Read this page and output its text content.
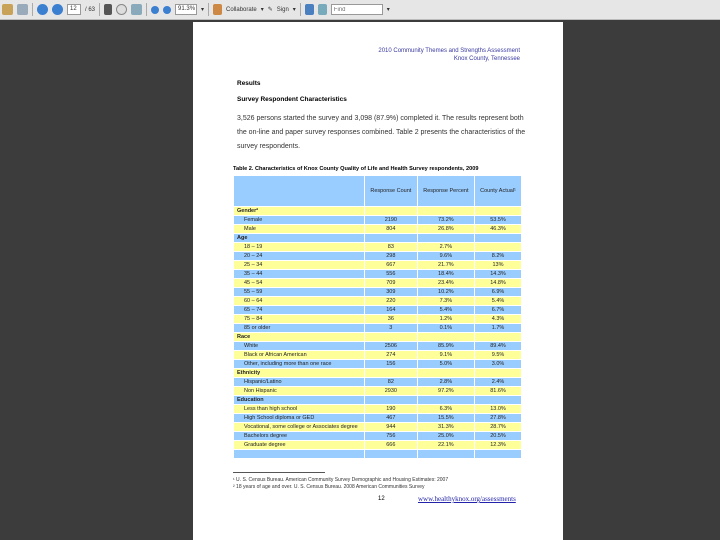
12	/ 63	91.3% ▾	Collaborate ▾ ✎ Sign ▾
Find	▾
2010 Community Themes and Strengths Assessment
Knox County, Tennessee
Results
Survey Respondent Characteristics
3,526 persons started the survey and 3,098 (87.9%) completed it. The results represent both the on-line and paper survey responses combined. Table 2 presents the characteristics of the survey respondents.
Table 2. Characteristics of Knox County Quality of Life and Health Survey respondents, 2009
	Response Count	Response Percent	County Actual¹
Gender²			
Female	2190	73.2%	53.5%
Male	804	26.8%	46.3%
Age			
18 – 19	83	2.7%	
20 – 24	298	9.6%	8.2%
25 – 34	667	21.7%	13%
35 – 44	556	18.4%	14.3%
45 – 54	709	23.4%	14.8%
55 – 59	309	10.2%	6.9%
60 – 64	220	7.3%	5.4%
65 – 74	164	5.4%	6.7%
75 – 84	36	1.2%	4.3%
85 or older	3	0.1%	1.7%
Race			
White	2506	85.9%	89.4%
Black or African American	274	9.1%	9.5%
Other, including more than one race	156	5.0%	3.0%
Ethnicity			
Hispanic/Latino	82	2.8%	2.4%
Non Hispanic	2930	97.2%	81.6%
Education			
Less than high school	190	6.3%	13.0%
High School diploma or GED	467	15.5%	27.8%
Vocational, some college or Associates degree	944	31.3%	28.7%
Bachelors degree	756	25.0%	20.5%
Graduate degree	666	22.1%	12.3%

¹ U. S. Census Bureau. American Community Survey Demographic and Housing Estimates: 2007
² 18 years of age and over. U. S. Census Bureau. 2008 American Communities Survey
12	www.healthyknox.org/assessments
